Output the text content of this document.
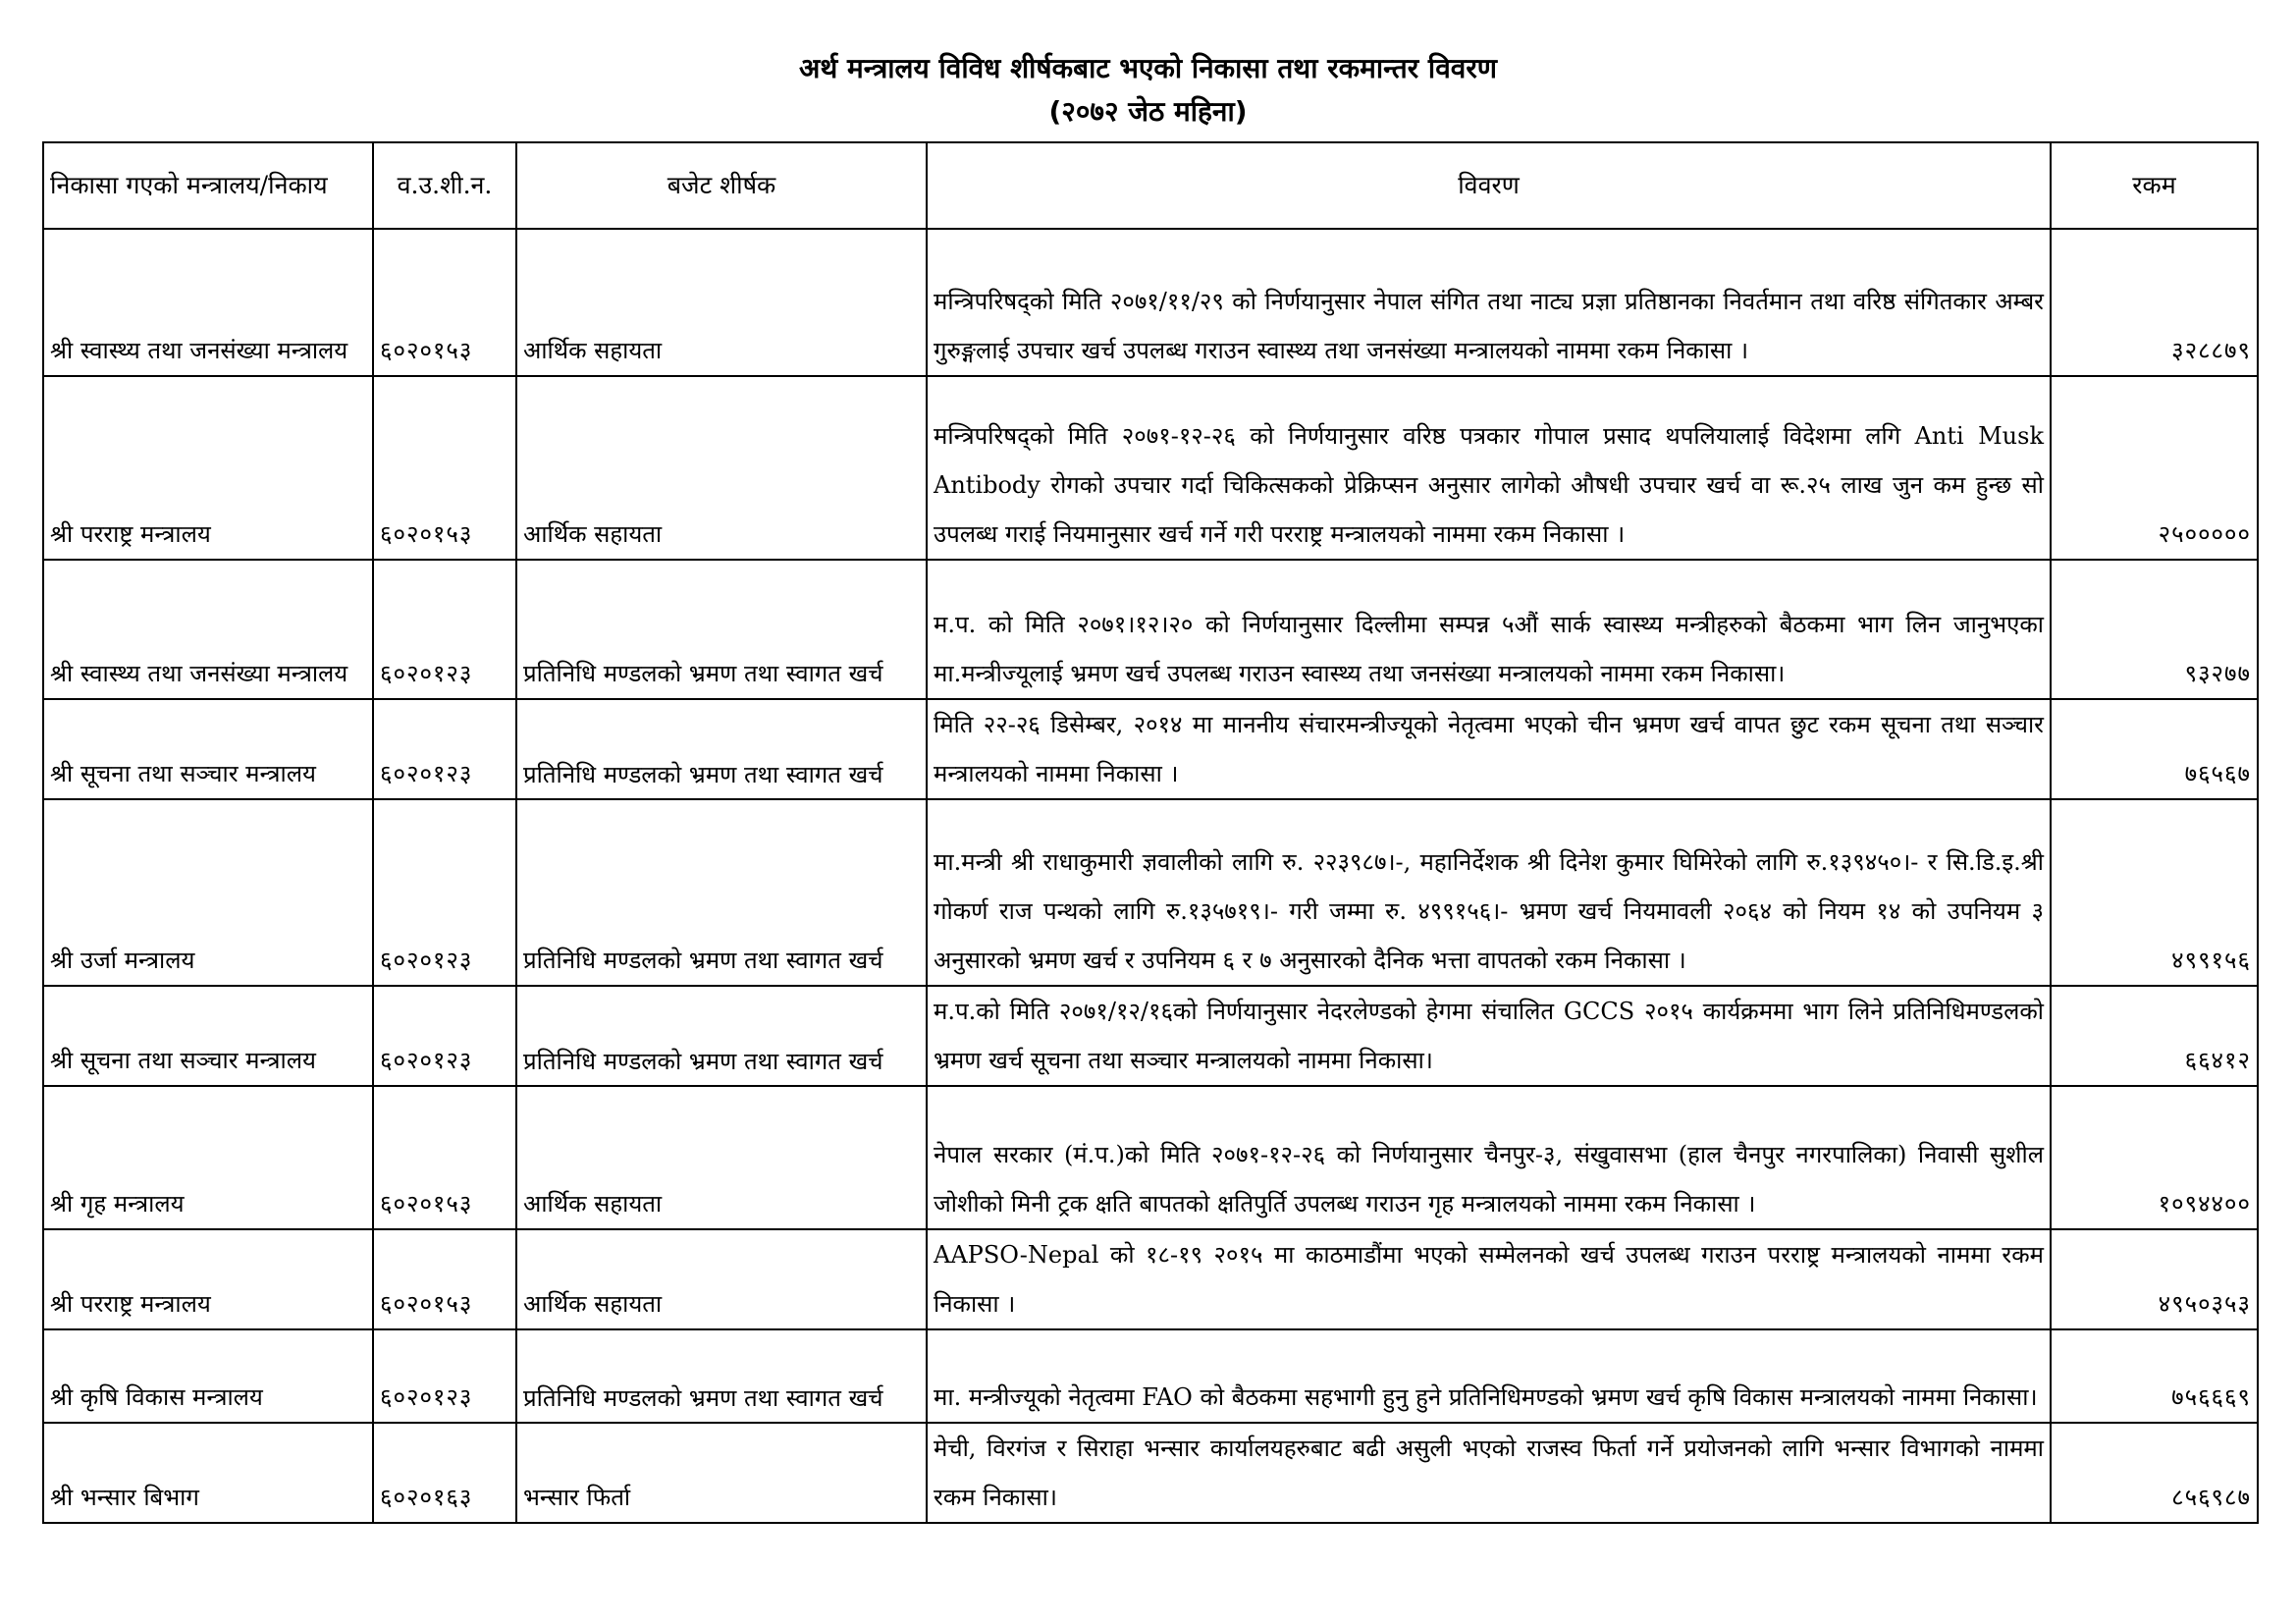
अर्थ मन्त्रालय विविध शीर्षकबाट भएको निकासा तथा रकमान्तर विवरण
(२०७२ जेठ महिना)
निकासा गएको मन्त्रालय/निकाय	व.उ.शी.न.	बजेट शीर्षक	विवरण	रकम
श्री स्वास्थ्य तथा जनसंख्या मन्त्रालय	६०२०१५३	आर्थिक सहायता	मन्त्रिपरिषद्को मिति २०७१/११/२९ को निर्णयानुसार नेपाल संगित तथा नाट्य प्रज्ञा प्रतिष्ठानका निवर्तमान तथा वरिष्ठ संगितकार अम्बर गुरुङ्गलाई उपचार खर्च उपलब्ध गराउन स्वास्थ्य तथा जनसंख्या मन्त्रालयको नाममा रकम निकासा ।	३२८८७९
श्री परराष्ट्र मन्त्रालय	६०२०१५३	आर्थिक सहायता	मन्त्रिपरिषद्को मिति २०७१-१२-२६ को निर्णयानुसार वरिष्ठ पत्रकार गोपाल प्रसाद थपलियालाई विदेशमा लगि Anti Musk Antibody रोगको उपचार गर्दा चिकित्सकको प्रेक्रिप्सन अनुसार लागेको औषधी उपचार खर्च वा रू.२५ लाख जुन कम हुन्छ सो उपलब्ध गराई नियमानुसार खर्च गर्ने गरी परराष्ट्र मन्त्रालयको नाममा रकम निकासा ।	२५०००००
श्री स्वास्थ्य तथा जनसंख्या मन्त्रालय	६०२०१२३	प्रतिनिधि मण्डलको भ्रमण तथा स्वागत खर्च	म.प. को मिति २०७१।१२।२० को निर्णयानुसार दिल्लीमा सम्पन्न ५औं सार्क स्वास्थ्य मन्त्रीहरुको बैठकमा भाग लिन जानुभएका मा.मन्त्रीज्यूलाई भ्रमण खर्च उपलब्ध गराउन स्वास्थ्य तथा जनसंख्या मन्त्रालयको नाममा रकम निकासा।	९३२७७
श्री सूचना तथा सञ्चार मन्त्रालय	६०२०१२३	प्रतिनिधि मण्डलको भ्रमण तथा स्वागत खर्च	मिति २२-२६ डिसेम्बर, २०१४ मा माननीय संचारमन्त्रीज्यूको नेतृत्वमा भएको चीन भ्रमण खर्च वापत छुट रकम सूचना तथा सञ्चार मन्त्रालयको नाममा निकासा ।	७६५६७
श्री उर्जा मन्त्रालय	६०२०१२३	प्रतिनिधि मण्डलको भ्रमण तथा स्वागत खर्च	मा.मन्त्री श्री राधाकुमारी ज्ञवालीको लागि रु. २२३९८७।-, महानिर्देशक श्री दिनेश कुमार घिमिरेको लागि रु.१३९४५०।- र सि.डि.इ.श्री गोकर्ण राज पन्थको लागि रु.१३५७१९।- गरी जम्मा रु. ४९९१५६।- भ्रमण खर्च नियमावली २०६४ को नियम १४ को उपनियम ३ अनुसारको भ्रमण खर्च र उपनियम ६ र ७ अनुसारको दैनिक भत्ता वापतको रकम निकासा ।	४९९१५६
श्री सूचना तथा सञ्चार मन्त्रालय	६०२०१२३	प्रतिनिधि मण्डलको भ्रमण तथा स्वागत खर्च	म.प.को मिति २०७१/१२/१६को निर्णयानुसार नेदरलेण्डको हेगमा संचालित GCCS २०१५ कार्यक्रममा भाग लिने प्रतिनिधिमण्डलको भ्रमण खर्च सूचना तथा सञ्चार मन्त्रालयको नाममा निकासा।	६६४१२
श्री गृह मन्त्रालय	६०२०१५३	आर्थिक सहायता	नेपाल सरकार (मं.प.)को मिति २०७१-१२-२६ को निर्णयानुसार चैनपुर-३, संखुवासभा (हाल चैनपुर नगरपालिका) निवासी सुशील जोशीको मिनी ट्रक क्षति बापतको क्षतिपुर्ति उपलब्ध गराउन गृह मन्त्रालयको नाममा रकम निकासा ।	१०९४४००
श्री परराष्ट्र मन्त्रालय	६०२०१५३	आर्थिक सहायता	AAPSO-Nepal को १८-१९ २०१५ मा काठमाडौंमा भएको सम्मेलनको खर्च उपलब्ध गराउन परराष्ट्र मन्त्रालयको नाममा रकम निकासा ।	४९५०३५३
श्री कृषि विकास मन्त्रालय	६०२०१२३	प्रतिनिधि मण्डलको भ्रमण तथा स्वागत खर्च	मा. मन्त्रीज्यूको नेतृत्वमा FAO को बैठकमा सहभागी हुनु हुने प्रतिनिधिमण्डको भ्रमण खर्च कृषि विकास मन्त्रालयको नाममा निकासा।	७५६६६९
श्री भन्सार बिभाग	६०२०१६३	भन्सार फिर्ता	मेची, विरगंज र सिराहा भन्सार कार्यालयहरुबाट बढी असुली भएको राजस्व फिर्ता गर्ने प्रयोजनको लागि भन्सार विभागको नाममा रकम निकासा।	८५६९८७
